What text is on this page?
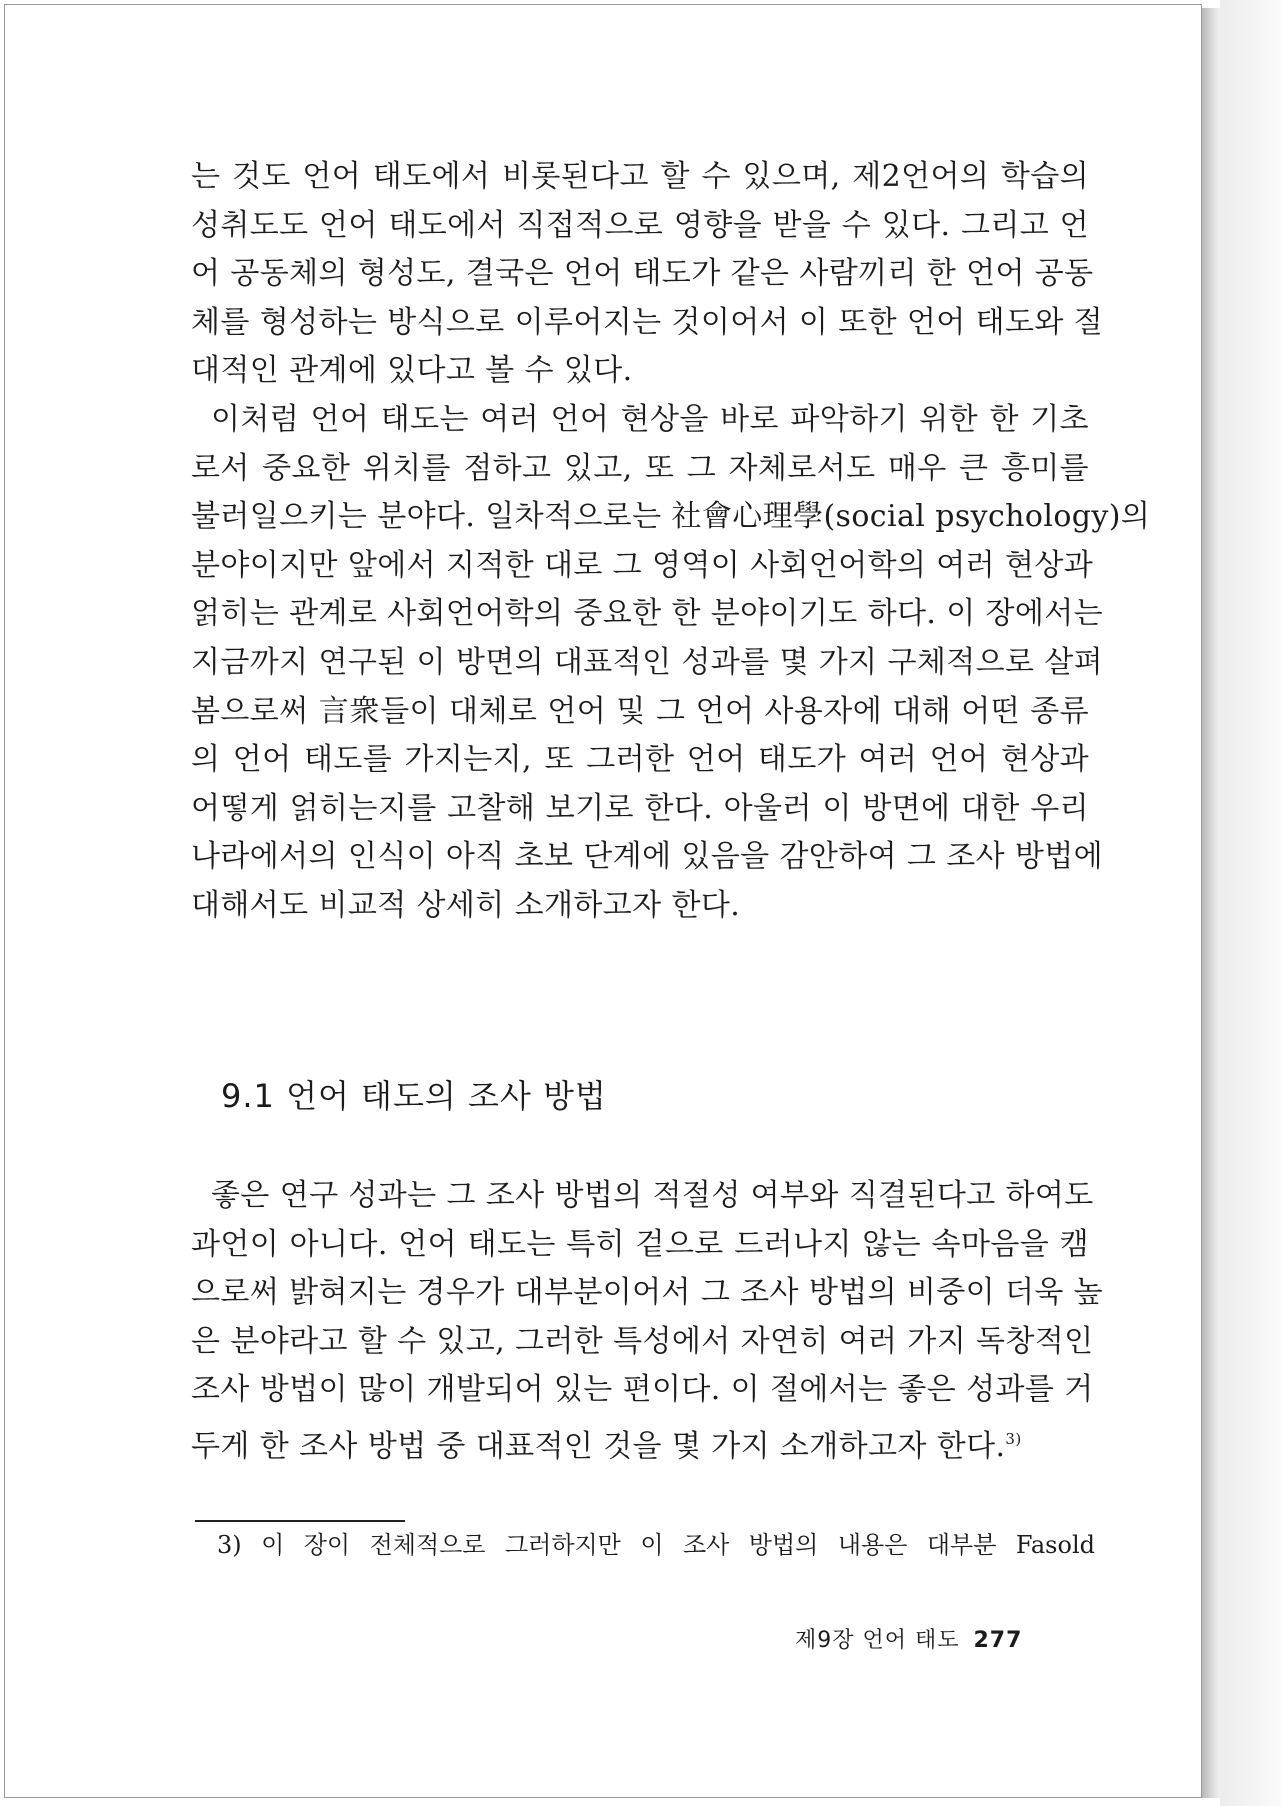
는 것도 언어 태도에서 비롯된다고 할 수 있으며, 제2언어의 학습의
성취도도 언어 태도에서 직접적으로 영향을 받을 수 있다. 그리고 언
어 공동체의 형성도, 결국은 언어 태도가 같은 사람끼리 한 언어 공동
체를 형성하는 방식으로 이루어지는 것이어서 이 또한 언어 태도와 절
대적인 관계에 있다고 볼 수 있다.
이처럼 언어 태도는 여러 언어 현상을 바로 파악하기 위한 한 기초
로서 중요한 위치를 점하고 있고, 또 그 자체로서도 매우 큰 흥미를
불러일으키는 분야다. 일차적으로는 社會心理學(social psychology)의
분야이지만 앞에서 지적한 대로 그 영역이 사회언어학의 여러 현상과
얽히는 관계로 사회언어학의 중요한 한 분야이기도 하다. 이 장에서는
지금까지 연구된 이 방면의 대표적인 성과를 몇 가지 구체적으로 살펴
봄으로써 言衆들이 대체로 언어 및 그 언어 사용자에 대해 어떤 종류
의 언어 태도를 가지는지, 또 그러한 언어 태도가 여러 언어 현상과
어떻게 얽히는지를 고찰해 보기로 한다. 아울러 이 방면에 대한 우리
나라에서의 인식이 아직 초보 단계에 있음을 감안하여 그 조사 방법에
대해서도 비교적 상세히 소개하고자 한다.
9.1 언어 태도의 조사 방법
좋은 연구 성과는 그 조사 방법의 적절성 여부와 직결된다고 하여도
과언이 아니다. 언어 태도는 특히 겉으로 드러나지 않는 속마음을 캠
으로써 밝혀지는 경우가 대부분이어서 그 조사 방법의 비중이 더욱 높
은 분야라고 할 수 있고, 그러한 특성에서 자연히 여러 가지 독창적인
조사 방법이 많이 개발되어 있는 편이다. 이 절에서는 좋은 성과를 거
두게 한 조사 방법 중 대표적인 것을 몇 가지 소개하고자 한다.$^{3)}$
3) 이 장이 전체적으로 그러하지만 이 조사 방법의 내용은 대부분 Fasold
제9장 언어 태도 277
